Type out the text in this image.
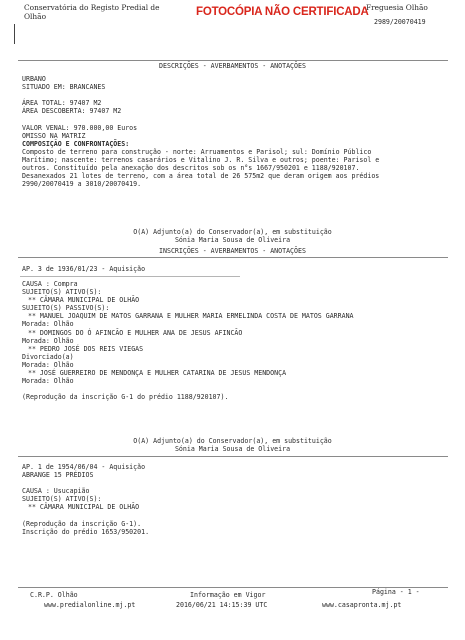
Conservatória do Registo Predial de
Olhão	FOTOCÓPIA NÃO CERTIFICADA
Freguesia Olhão
2989/20070419
DESCRIÇÕES - AVERBAMENTOS - ANOTAÇÕES
URBANO
SITUADO EM: BRANCANES

ÁREA TOTAL: 97407 M2
ÁREA DESCOBERTA: 97407 M2

VALOR VENAL: 970.000,00 Euros
OMISSO NA MATRIZ
COMPOSIÇÃO E CONFRONTAÇÕES:
Composto de terreno para construção - norte: Arruamentos e Parisol; sul: Domínio Público
Marítimo; nascente: terrenos casarários e Vitalino J. R. Silva e outros; poente: Parisol e
outros. Constituído pela anexação dos descritos sob os n°s 1667/950201 e 1188/920107.
Desanexados 21 lotes de terreno, com a área total de 26 575m2 que deram origem aos prédios
2990/20070419 a 3010/20070419.
O(A) Adjunto(a) do Conservador(a), em substituição
Sónia Maria Sousa de Oliveira
INSCRIÇÕES - AVERBAMENTOS - ANOTAÇÕES
AP. 3 de 1936/01/23 - Aquisição
CAUSA : Compra
SUJEITO(S) ATIVO(S):
** CÂMARA MUNICIPAL DE OLHÃO
SUJEITO(S) PASSIVO(S):
** MANUEL JOAQUIM DE MATOS GARRANA E MULHER MARIA ERMELINDA COSTA DE MATOS GARRANA
Morada: Olhão
** DOMINGOS DO Ó AFINCÃO E MULHER ANA DE JESUS AFINCÃO
Morada: Olhão
** PEDRO JOSÉ DOS REIS VIEGAS
Divorciado(a)
Morada: Olhão
** JOSÉ GUERREIRO DE MENDONÇA E MULHER CATARINA DE JESUS MENDONÇA
Morada: Olhão

(Reprodução da inscrição G-1 do prédio 1188/920107).
O(A) Adjunto(a) do Conservador(a), em substituição
Sónia Maria Sousa de Oliveira
AP. 1 de 1954/06/04 - Aquisição
ABRANGE 15 PRÉDIOS

CAUSA : Usucapião
SUJEITO(S) ATIVO(S):
** CÂMARA MUNICIPAL DE OLHÃO

(Reprodução da inscrição G-1).
Inscrição do prédio 1653/950201.
C.R.P. Olhão
www.predialonline.mj.pt
Informação em Vigor
2016/06/21 14:15:39 UTC
Página - 1 -
www.casapronta.mj.pt
